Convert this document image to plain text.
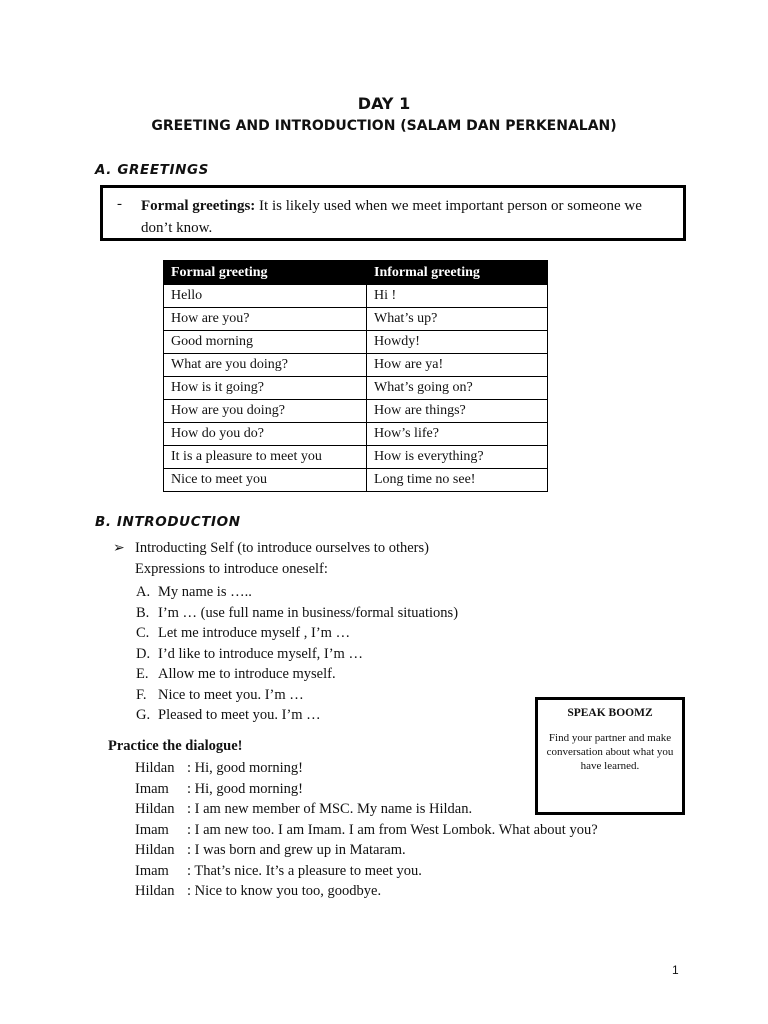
DAY 1
GREETING AND INTRODUCTION (SALAM DAN PERKENALAN)
A. GREETINGS
- Formal greetings: It is likely used when we meet important person or someone we don’t know.
Formal greeting	Informal greeting
Hello	Hi !
How are you?	What’s up?
Good morning	Howdy!
What are you doing?	How are ya!
How is it going?	What’s going on?
How are you doing?	How are things?
How do you do?	How’s life?
It is a pleasure to meet you	How is everything?
Nice to meet you	Long time no see!
B. INTRODUCTION
➢ Introducting Self (to introduce ourselves to others)
Expressions to introduce oneself:
A. My name is …..
B. I’m … (use full name in business/formal situations)
C. Let me introduce myself , I’m …
D. I’d like to introduce myself, I’m …
E. Allow me to introduce myself.
F. Nice to meet you. I’m …
G. Pleased to meet you. I’m …	SPEAK BOOMZ
Find your partner and make conversation about what you have learned.
Practice the dialogue!
Hildan : Hi, good morning!
Imam : Hi, good morning!
Hildan : I am new member of MSC. My name is Hildan.
Imam : I am new too. I am Imam. I am from West Lombok. What about you?
Hildan : I was born and grew up in Mataram.
Imam : That’s nice. It’s a pleasure to meet you.
Hildan : Nice to know you too, goodbye.
1
